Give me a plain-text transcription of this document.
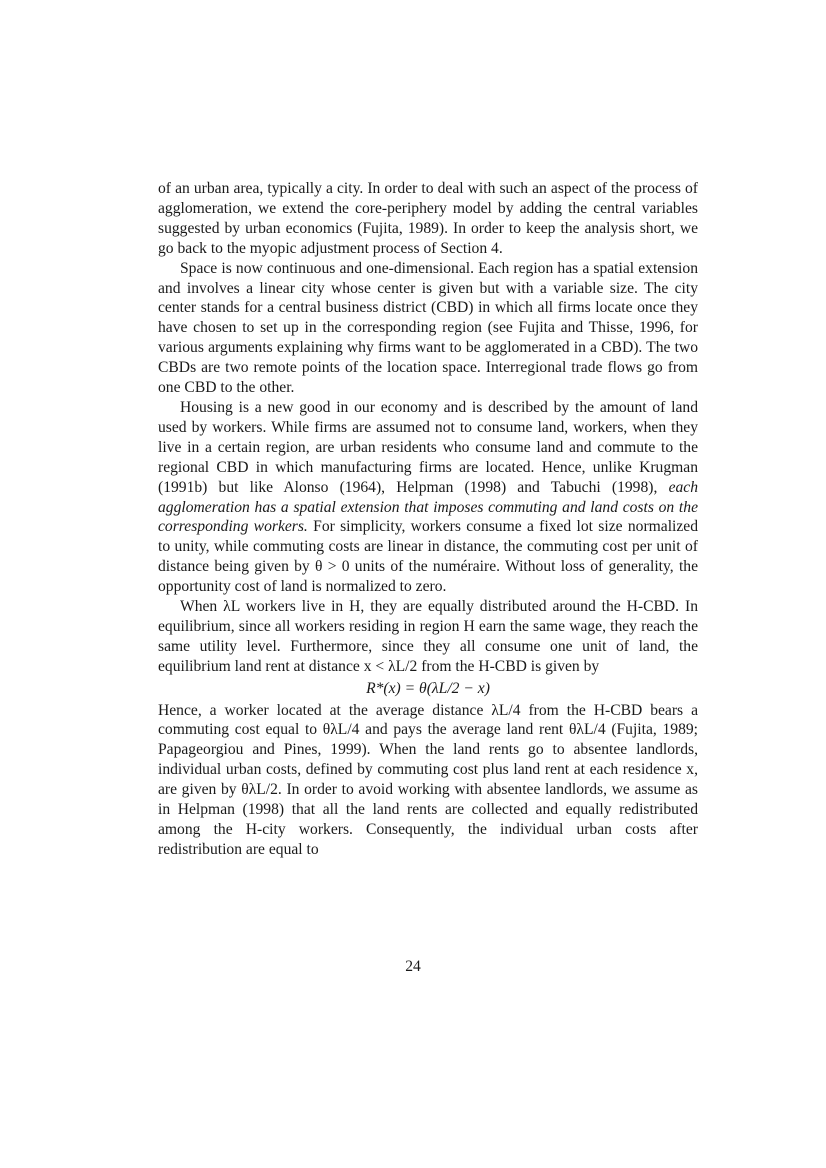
of an urban area, typically a city. In order to deal with such an aspect of the process of agglomeration, we extend the core-periphery model by adding the central variables suggested by urban economics (Fujita, 1989). In order to keep the analysis short, we go back to the myopic adjustment process of Section 4.

Space is now continuous and one-dimensional. Each region has a spatial extension and involves a linear city whose center is given but with a variable size. The city center stands for a central business district (CBD) in which all firms locate once they have chosen to set up in the corresponding region (see Fujita and Thisse, 1996, for various arguments explaining why firms want to be agglomerated in a CBD). The two CBDs are two remote points of the location space. Interregional trade flows go from one CBD to the other.

Housing is a new good in our economy and is described by the amount of land used by workers. While firms are assumed not to consume land, workers, when they live in a certain region, are urban residents who consume land and commute to the regional CBD in which manufacturing firms are located. Hence, unlike Krugman (1991b) but like Alonso (1964), Helpman (1998) and Tabuchi (1998), each agglomeration has a spatial extension that imposes commuting and land costs on the corresponding workers. For simplicity, workers consume a fixed lot size normalized to unity, while commuting costs are linear in distance, the commuting cost per unit of distance being given by θ > 0 units of the numéraire. Without loss of generality, the opportunity cost of land is normalized to zero.

When λL workers live in H, they are equally distributed around the H-CBD. In equilibrium, since all workers residing in region H earn the same wage, they reach the same utility level. Furthermore, since they all consume one unit of land, the equilibrium land rent at distance x < λL/2 from the H-CBD is given by

R*(x) = θ(λL/2 − x)

Hence, a worker located at the average distance λL/4 from the H-CBD bears a commuting cost equal to θλL/4 and pays the average land rent θλL/4 (Fujita, 1989; Papageorgiou and Pines, 1999). When the land rents go to absentee landlords, individual urban costs, defined by commuting cost plus land rent at each residence x, are given by θλL/2. In order to avoid working with absentee landlords, we assume as in Helpman (1998) that all the land rents are collected and equally redistributed among the H-city workers. Consequently, the individual urban costs after redistribution are equal to

24
